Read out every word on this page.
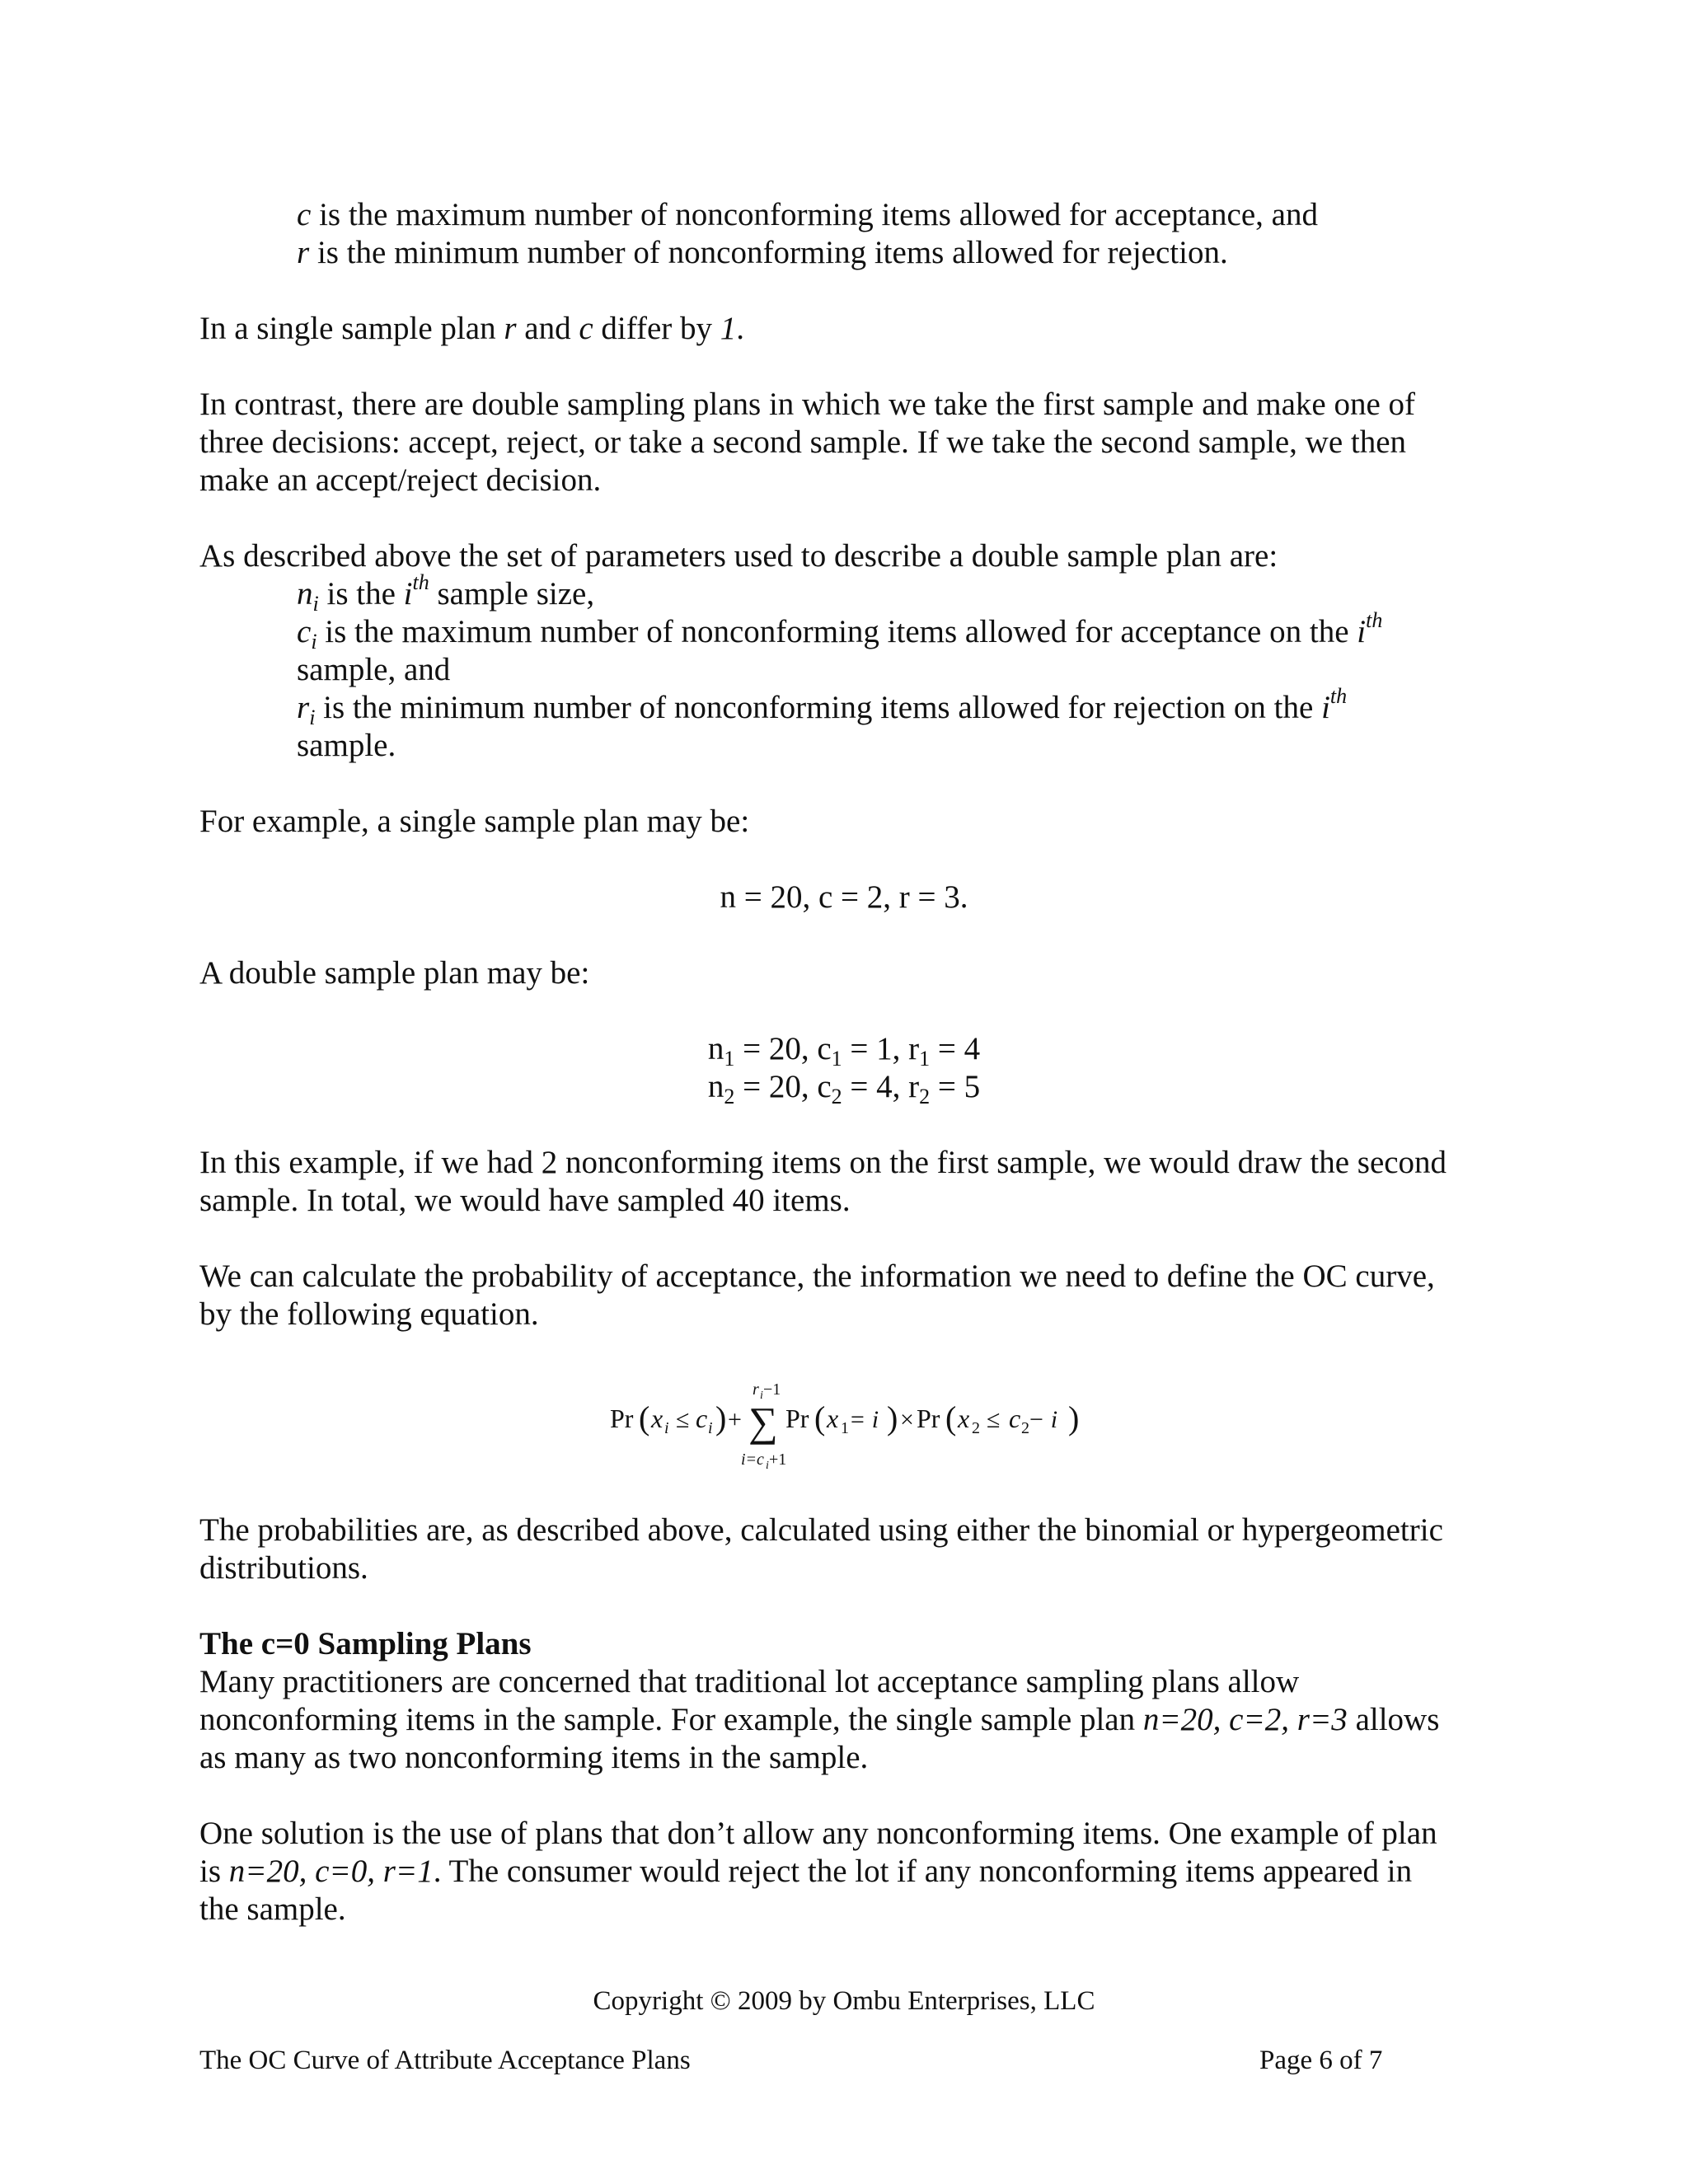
c is the maximum number of nonconforming items allowed for acceptance, and
r is the minimum number of nonconforming items allowed for rejection.
In a single sample plan r and c differ by 1.
In contrast, there are double sampling plans in which we take the first sample and make one of
three decisions: accept, reject, or take a second sample. If we take the second sample, we then
make an accept/reject decision.
As described above the set of parameters used to describe a double sample plan are:
$n_i$ is the $i^{th}$ sample size,
$c_i$ is the maximum number of nonconforming items allowed for acceptance on the $i^{th}$
sample, and
$r_i$ is the minimum number of nonconforming items allowed for rejection on the $i^{th}$
sample.
For example, a single sample plan may be:
n = 20, c = 2, r = 3.
A double sample plan may be:
$n_1 = 20$, $c_1 = 1$, $r_1 = 4$
$n_2 = 20$, $c_2 = 4$, $r_2 = 5$
In this example, if we had 2 nonconforming items on the first sample, we would draw the second
sample. In total, we would have sampled 40 items.
We can calculate the probability of acceptance, the information we need to define the OC curve,
by the following equation.
r i −1
Pr ( x i ≤ c i ) + ∑ Pr ( x 1 = i ) × Pr ( x 2 ≤ c 2
− i )
i=c i +1
The probabilities are, as described above, calculated using either the binomial or hypergeometric
distributions.
The c=0 Sampling Plans
Many practitioners are concerned that traditional lot acceptance sampling plans allow
nonconforming items in the sample. For example, the single sample plan n=20, c=2, r=3 allows
as many as two nonconforming items in the sample.
One solution is the use of plans that don’t allow any nonconforming items. One example of plan
is n=20, c=0, r=1. The consumer would reject the lot if any nonconforming items appeared in
the sample.
Copyright © 2009 by Ombu Enterprises, LLC
The OC Curve of Attribute Acceptance Plans	Page 6 of 7
